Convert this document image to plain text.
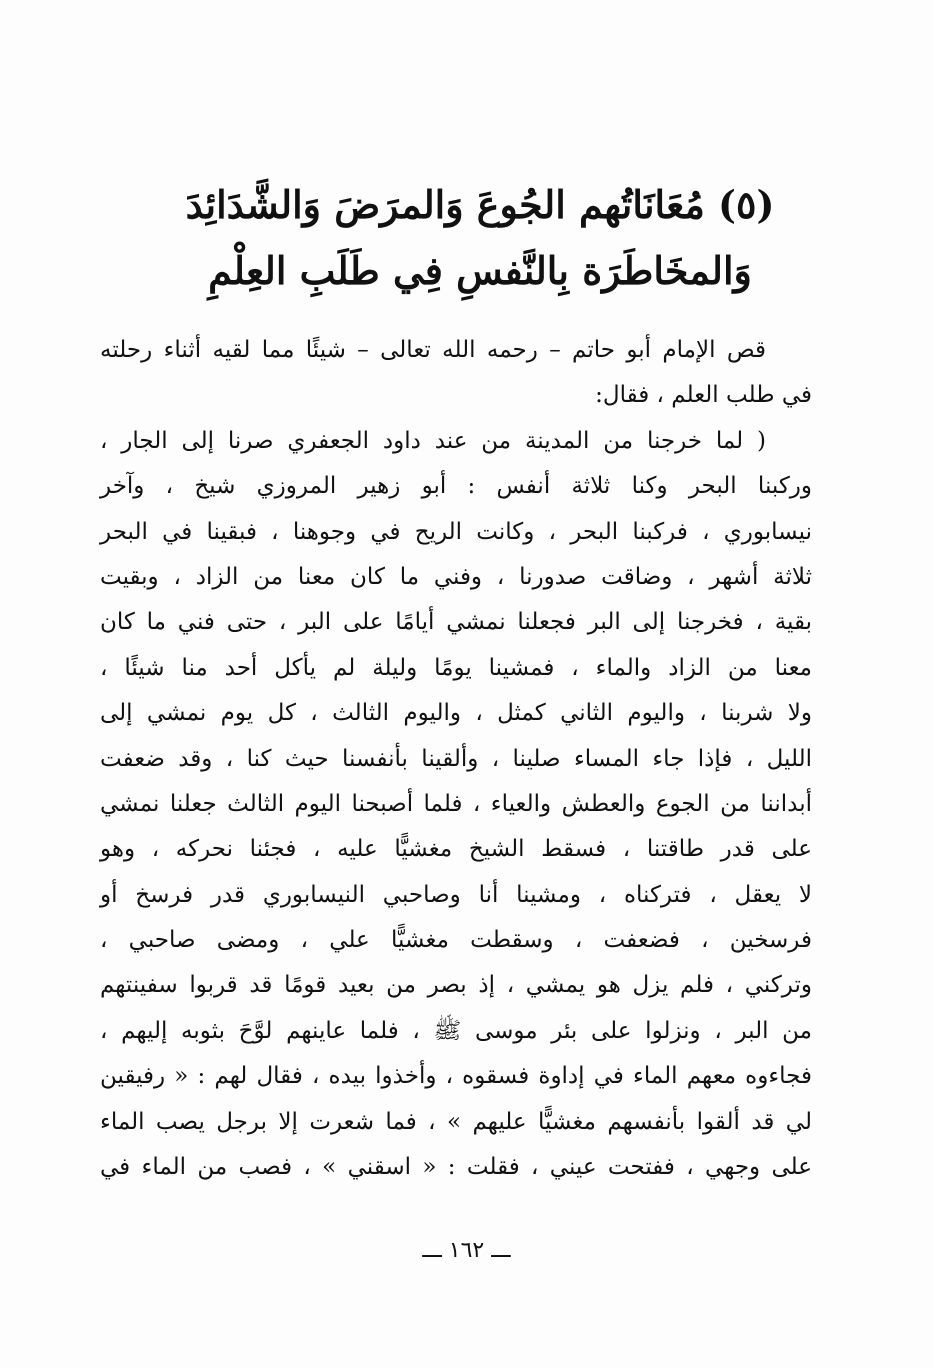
(٥) مُعَانَاتُهم الجُوعَ وَالمرَضَ وَالشَّدَائِدَ
وَالمخَاطَرَة بِالنَّفسِ فِي طَلَبِ العِلْمِ
قص الإمام أبو حاتم – رحمه الله تعالى – شيئًا مما لقيه أثناء رحلته
في طلب العلم ، فقال:
( لما خرجنا من المدينة من عند داود الجعفري صرنا إلى الجار ،
وركبنا البحر وكنا ثلاثة أنفس : أبو زهير المروزي شيخ ، وآخر
نيسابوري ، فركبنا البحر ، وكانت الريح في وجوهنا ، فبقينا في البحر
ثلاثة أشهر ، وضاقت صدورنا ، وفني ما كان معنا من الزاد ، وبقيت
بقية ، فخرجنا إلى البر فجعلنا نمشي أيامًا على البر ، حتى فني ما كان
معنا من الزاد والماء ، فمشينا يومًا وليلة لم يأكل أحد منا شيئًا ،
ولا شربنا ، واليوم الثاني كمثل ، واليوم الثالث ، كل يوم نمشي إلى
الليل ، فإذا جاء المساء صلينا ، وألقينا بأنفسنا حيث كنا ، وقد ضعفت
أبداننا من الجوع والعطش والعياء ، فلما أصبحنا اليوم الثالث جعلنا نمشي
على قدر طاقتنا ، فسقط الشيخ مغشيًّا عليه ، فجئنا نحركه ، وهو
لا يعقل ، فتركناه ، ومشينا أنا وصاحبي النيسابوري قدر فرسخ أو
فرسخين ، فضعفت ، وسقطت مغشيًّا علي ، ومضى صاحبي ،
وتركني ، فلم يزل هو يمشي ، إذ بصر من بعيد قومًا قد قربوا سفينتهم
من البر ، ونزلوا على بئر موسى ﷺ ، فلما عاينهم لوَّحَ بثوبه إليهم ،
فجاءوه معهم الماء في إداوة فسقوه ، وأخذوا بيده ، فقال لهم : « رفيقين
لي قد ألقوا بأنفسهم مغشيًّا عليهم » ، فما شعرت إلا برجل يصب الماء
على وجهي ، ففتحت عيني ، فقلت : « اسقني » ، فصب من الماء في
ـــ ١٦٢ ـــ
